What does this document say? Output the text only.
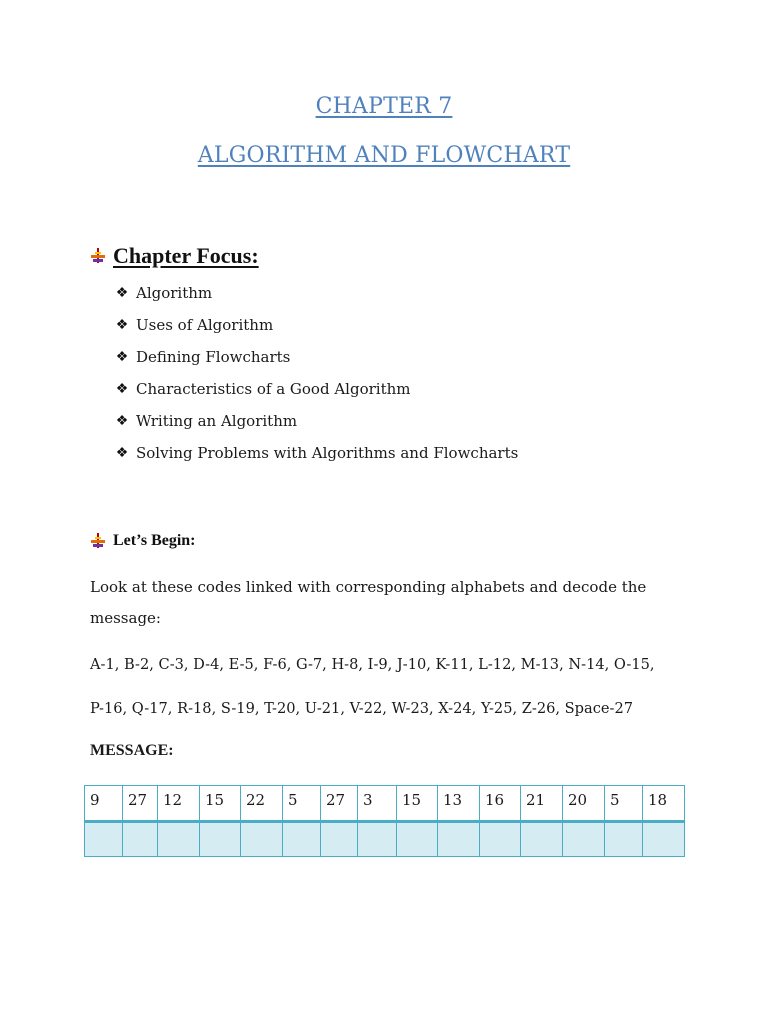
CHAPTER 7
ALGORITHM AND FLOWCHART
Chapter Focus:
❖ Algorithm
❖ Uses of Algorithm
❖ Defining Flowcharts
❖ Characteristics of a Good Algorithm
❖ Writing an Algorithm
❖ Solving Problems with Algorithms and Flowcharts
Let’s Begin:
Look at these codes linked with corresponding alphabets and decode the message:
A-1, B-2, C-3, D-4, E-5, F-6, G-7, H-8, I-9, J-10, K-11, L-12, M-13, N-14, O-15,
P-16, Q-17, R-18, S-19, T-20, U-21, V-22, W-23, X-24, Y-25, Z-26, Space-27
MESSAGE:
9	27	12	15	22	5	27	3	15	13	16	21	20	5	18
